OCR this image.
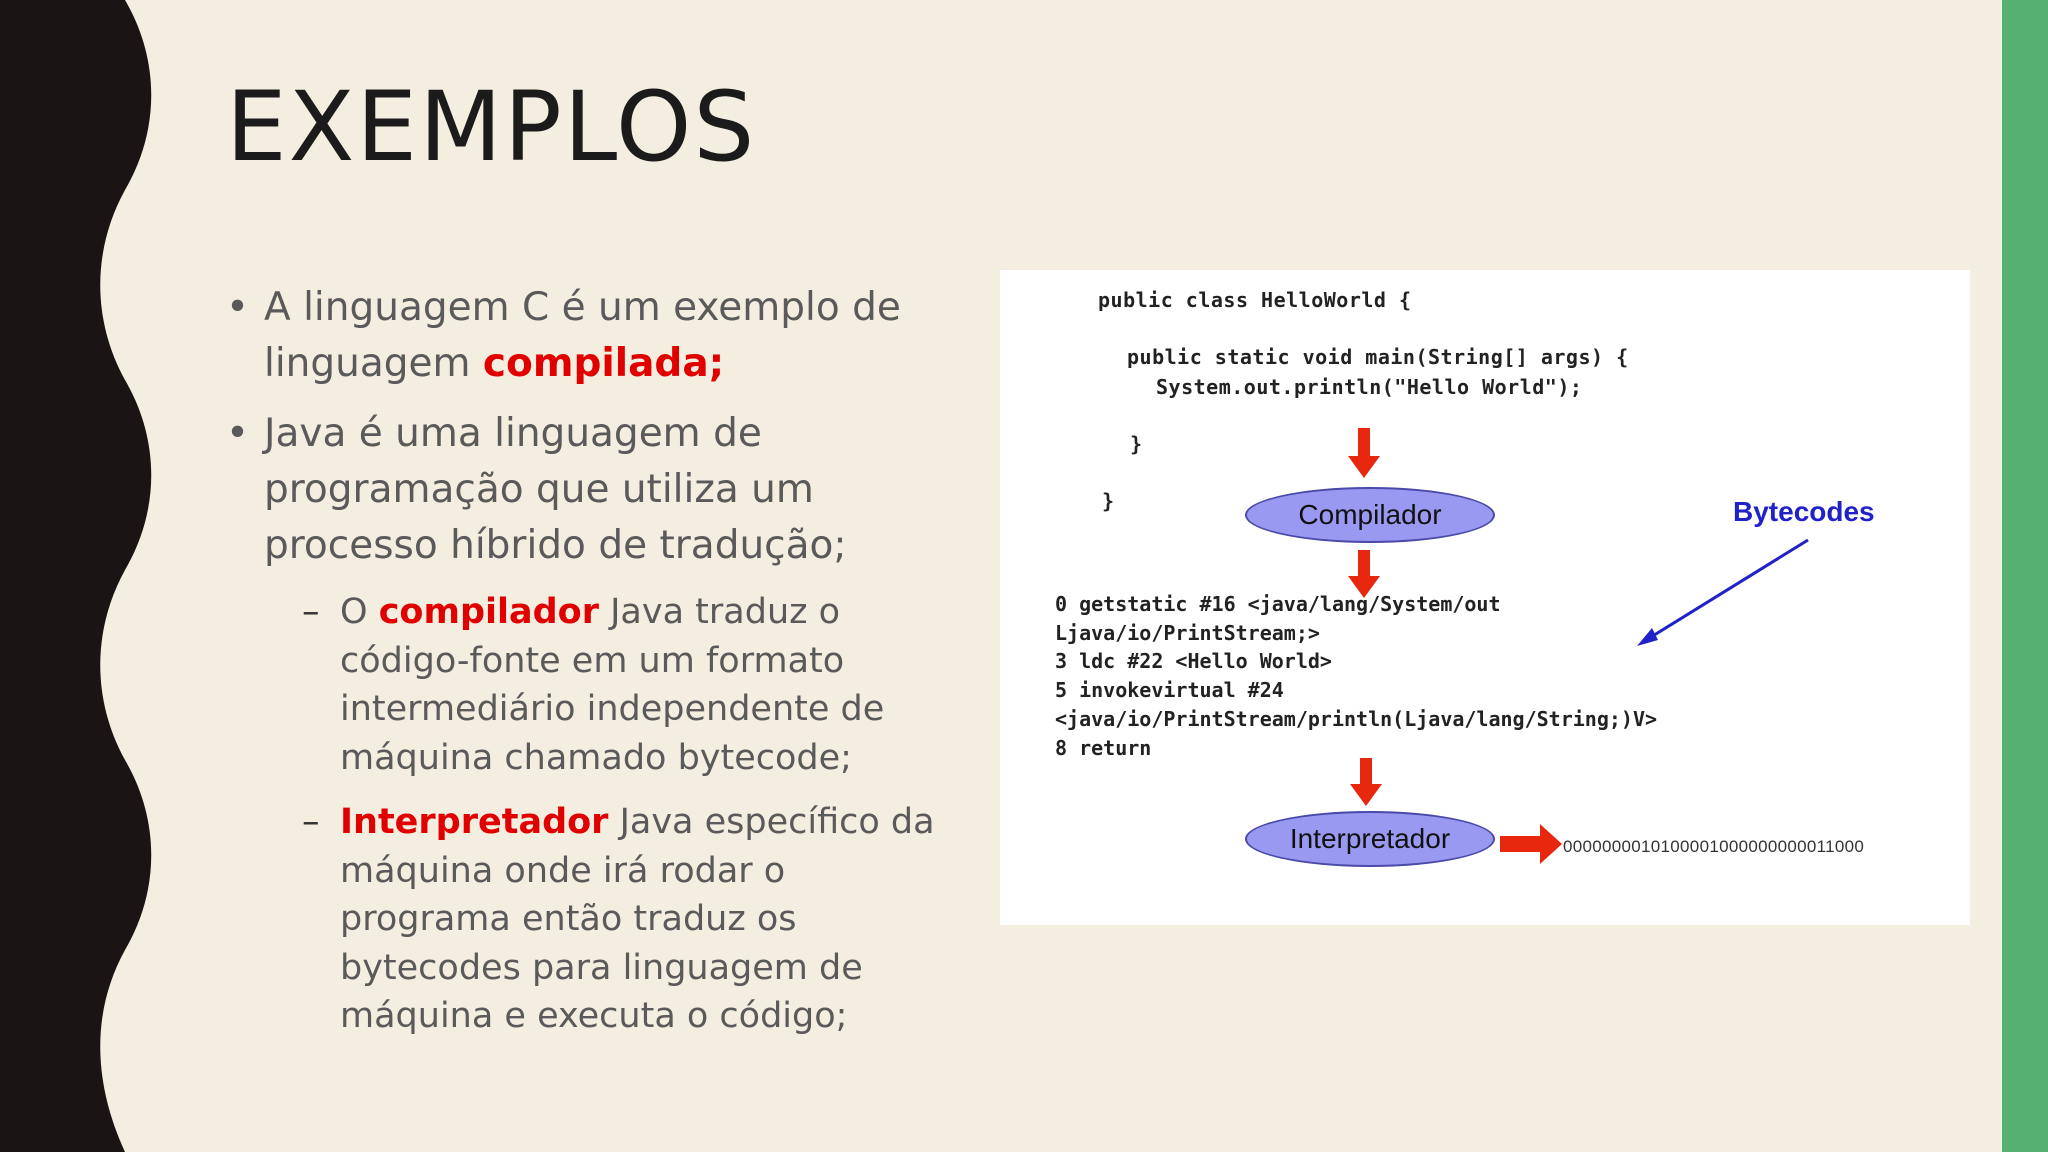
EXEMPLOS
• A linguagem C é um exemplo de linguagem compilada;
• Java é uma linguagem de programação que utiliza um processo híbrido de tradução;
– O compilador Java traduz o código-fonte em um formato intermediário independente de máquina chamado bytecode;
– Interpretador Java específico da máquina onde irá rodar o programa então traduz os bytecodes para linguagem de máquina e executa o código;
public class HelloWorld {
public static void main(String[] args) {
System.out.println("Hello World");
}
}	Compilador	Bytecodes
0 getstatic #16 <java/lang/System/out
Ljava/io/PrintStream;>
3 ldc #22 <Hello World>
5 invokevirtual #24
<java/io/PrintStream/println(Ljava/lang/String;)V>
8 return
Interpretador	0000000010100001000000000011000
